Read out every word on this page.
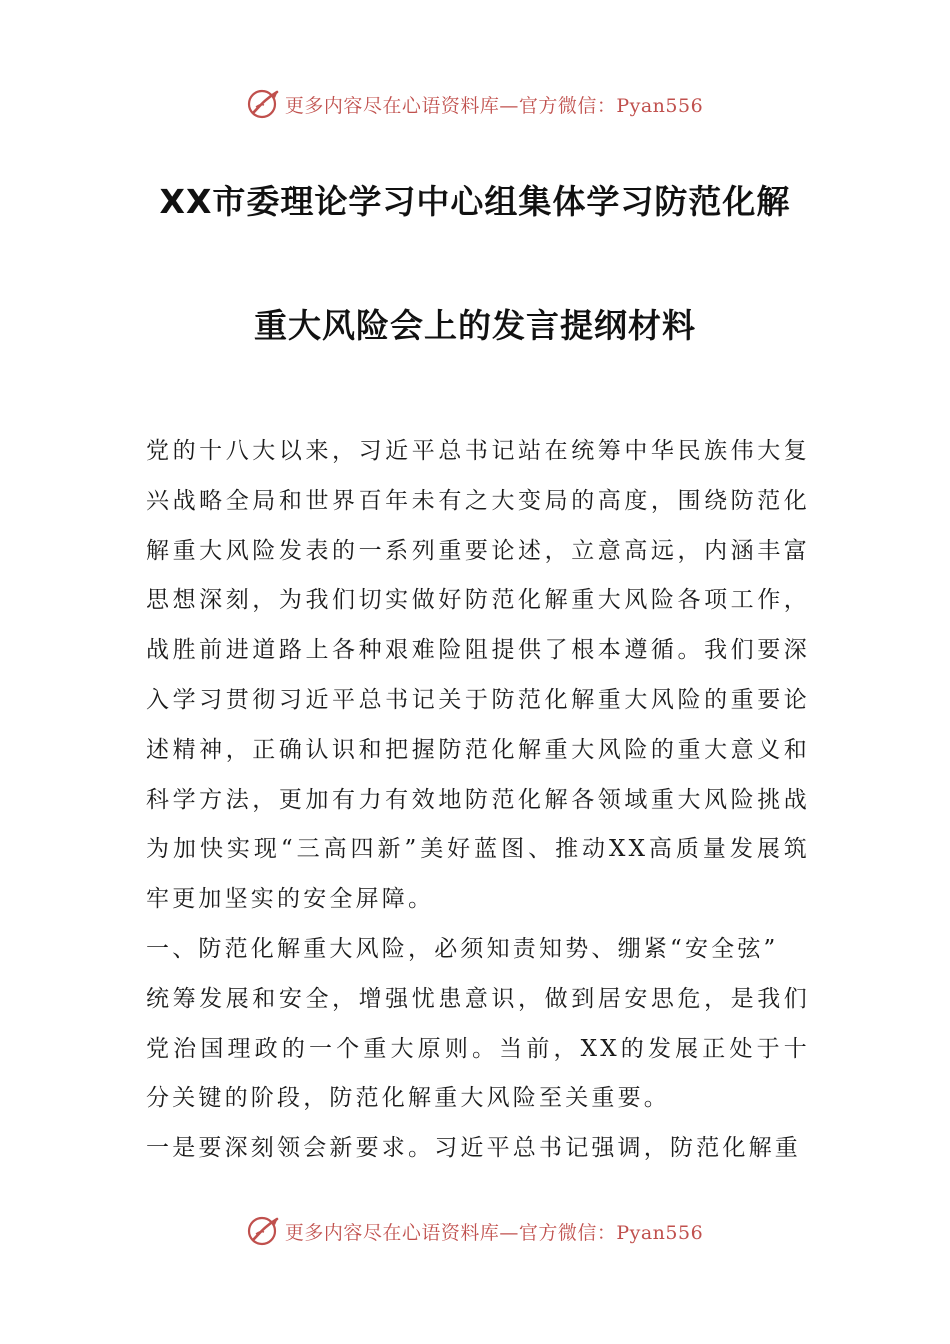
更多内容尽在心语资料库—官方微信：Pyan556
XX市委理论学习中心组集体学习防范化解
重大风险会上的发言提纲材料

党的十八大以来，习近平总书记站在统筹中华民族伟大复兴战略全局和世界百年未有之大变局的高度，围绕防范化解重大风险发表的一系列重要论述，立意高远，内涵丰富思想深刻，为我们切实做好防范化解重大风险各项工作，战胜前进道路上各种艰难险阻提供了根本遵循。我们要深入学习贯彻习近平总书记关于防范化解重大风险的重要论述精神，正确认识和把握防范化解重大风险的重大意义和科学方法，更加有力有效地防范化解各领域重大风险挑战为加快实现“三高四新”美好蓝图、推动XX高质量发展筑牢更加坚实的安全屏障。

一、防范化解重大风险，必须知责知势、绷紧“安全弦”

统筹发展和安全，增强忧患意识，做到居安思危，是我们党治国理政的一个重大原则。当前，XX的发展正处于十分关键的阶段，防范化解重大风险至关重要。

一是要深刻领会新要求。习近平总书记强调，防范化解重

更多内容尽在心语资料库—官方微信：Pyan556
